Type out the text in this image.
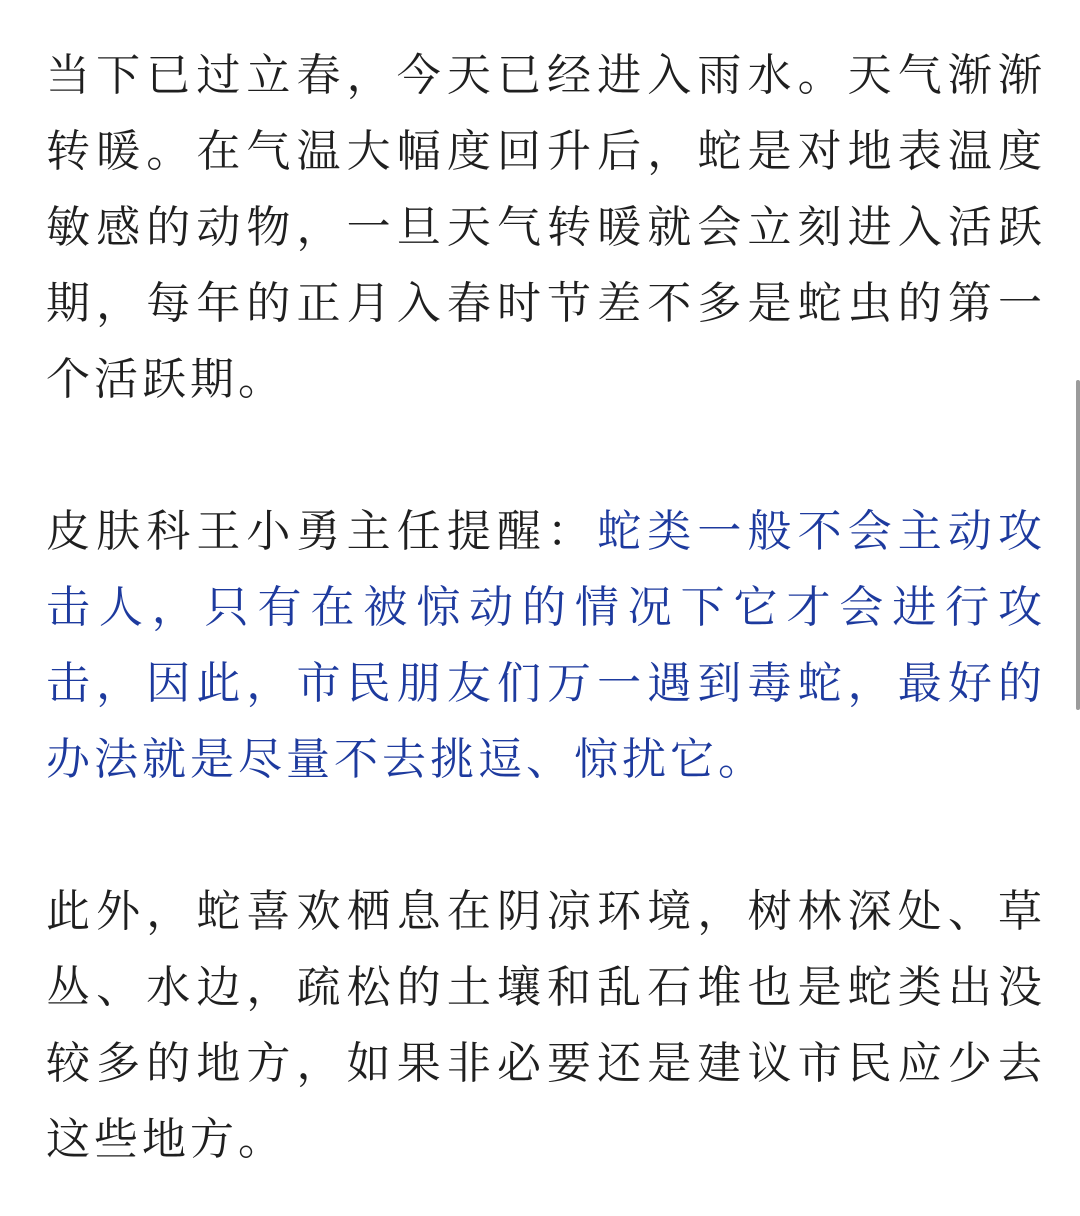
当下已过立春，今天已经进入雨水。天气渐渐转暖。在气温大幅度回升后，蛇是对地表温度敏感的动物，一旦天气转暖就会立刻进入活跃期，每年的正月入春时节差不多是蛇虫的第一个活跃期。

皮肤科王小勇主任提醒：蛇类一般不会主动攻击人，只有在被惊动的情况下它才会进行攻击，因此，市民朋友们万一遇到毒蛇，最好的办法就是尽量不去挑逗、惊扰它。

此外，蛇喜欢栖息在阴凉环境，树林深处、草丛、水边，疏松的土壤和乱石堆也是蛇类出没较多的地方，如果非必要还是建议市民应少去这些地方。
